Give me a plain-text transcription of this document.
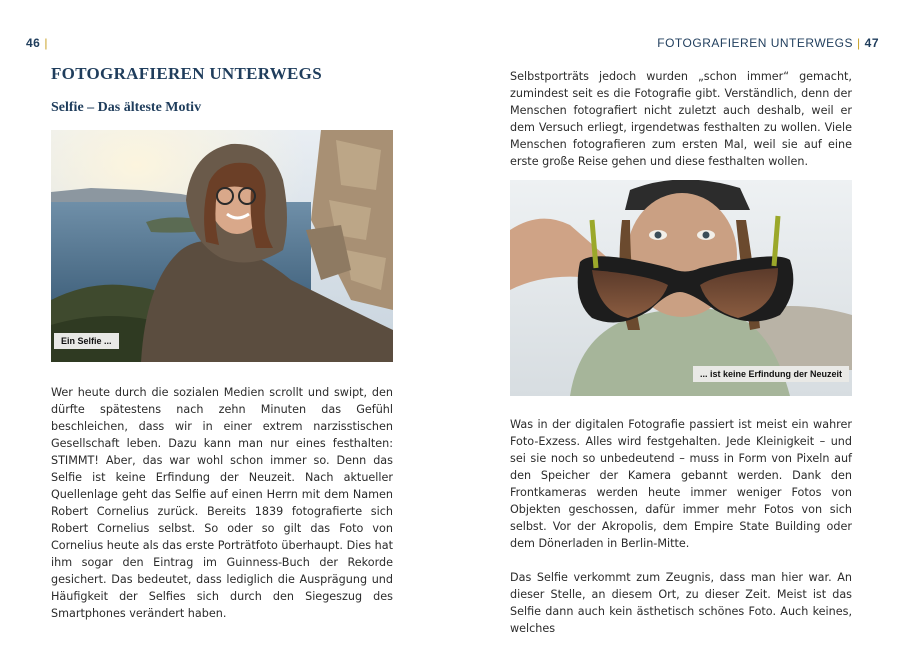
46 |
FOTOGRAFIEREN UNTERWEGS
Selfie – Das älteste Motiv
Ein Selfie ...

Wer heute durch die sozialen Medien scrollt und swipt, den dürfte spätestens nach zehn Minuten das Gefühl beschleichen, dass wir in einer extrem narzisstischen Gesellschaft leben. Dazu kann man nur eines festhalten: STIMMT! Aber, das war wohl schon immer so. Denn das Selfie ist keine Erfindung der Neuzeit. Nach aktueller Quellenlage geht das Selfie auf einen Herrn mit dem Namen Robert Cornelius zurück. Bereits 1839 fotografierte sich Robert Cornelius selbst. So oder so gilt das Foto von Cornelius heute als das erste Porträtfoto überhaupt. Dies hat ihm sogar den Eintrag im Guinness-Buch der Rekorde gesichert. Das bedeutet, dass lediglich die Ausprägung und Häufigkeit der Selfies sich durch den Siegeszug des Smartphones verändert haben.

FOTOGRAFIEREN UNTERWEGS | 47

Selbstporträts jedoch wurden „schon immer“ gemacht, zumindest seit es die Fotografie gibt. Verständlich, denn der Menschen fotografiert nicht zuletzt auch deshalb, weil er dem Versuch erliegt, irgendetwas festhalten zu wollen. Viele Menschen fotografieren zum ersten Mal, weil sie auf eine erste große Reise gehen und diese festhalten wollen.

... ist keine Erfindung der Neuzeit

Was in der digitalen Fotografie passiert ist meist ein wahrer Foto-Exzess. Alles wird festgehalten. Jede Kleinigkeit – und sei sie noch so unbedeutend – muss in Form von Pixeln auf den Speicher der Kamera gebannt werden. Dank den Frontkameras werden heute immer weniger Fotos von Objekten geschossen, dafür immer mehr Fotos von sich selbst. Vor der Akropolis, dem Empire State Building oder dem Dönerladen in Berlin-Mitte.

Das Selfie verkommt zum Zeugnis, dass man hier war. An dieser Stelle, an diesem Ort, zu dieser Zeit. Meist ist das Selfie dann auch kein ästhetisch schönes Foto. Auch keines, welches
